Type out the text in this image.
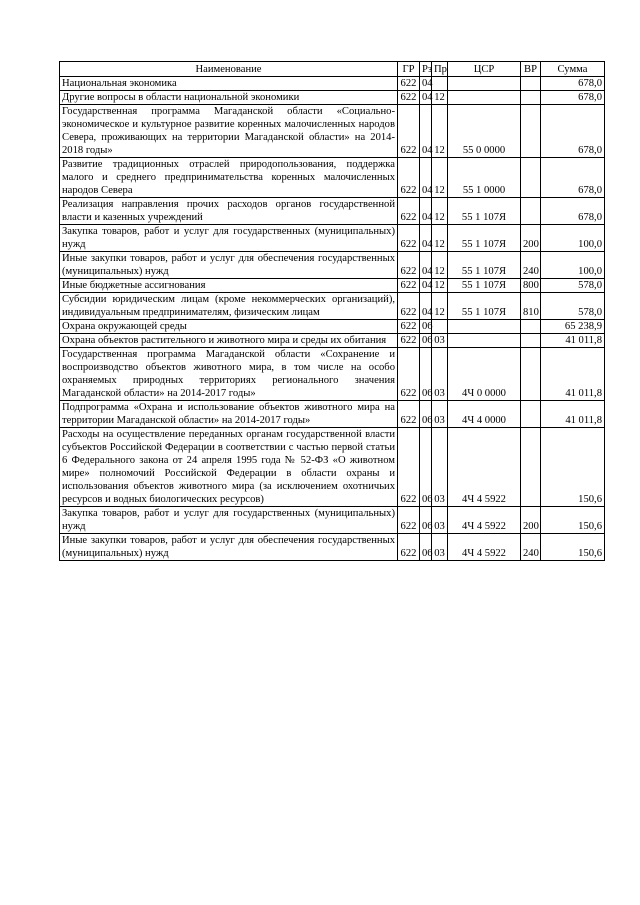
Наименование	ГР	Рз	Пр	ЦСР	ВР	Сумма
Национальная экономика	622	04				678,0
Другие вопросы в области национальной экономики	622	04	12			678,0
Государственная программа Магаданской области «Социально-экономическое и культурное развитие коренных малочисленных народов Севера, проживающих на территории Магаданской области» на 2014-2018 годы»	622	04	12	55 0 0000		678,0
Развитие традиционных отраслей природопользования, поддержка малого и среднего предпринимательства коренных малочисленных народов Севера	622	04	12	55 1 0000		678,0
Реализация направления прочих расходов органов государственной власти и казенных учреждений	622	04	12	55 1 107Я		678,0
Закупка товаров, работ и услуг для государственных (муниципальных) нужд	622	04	12	55 1 107Я	200	100,0
Иные закупки товаров, работ и услуг для обеспечения государственных (муниципальных) нужд	622	04	12	55 1 107Я	240	100,0
Иные бюджетные ассигнования	622	04	12	55 1 107Я	800	578,0
Субсидии юридическим лицам (кроме некоммерческих организаций), индивидуальным предпринимателям, физическим лицам	622	04	12	55 1 107Я	810	578,0
Охрана окружающей среды	622	06				65 238,9
Охрана объектов растительного и животного мира и среды их обитания	622	06	03			41 011,8
Государственная программа Магаданской области «Сохранение и воспроизводство объектов животного мира, в том числе на особо охраняемых природных территориях регионального значения Магаданской области» на 2014-2017 годы»	622	06	03	4Ч 0 0000		41 011,8
Подпрограмма «Охрана и использование объектов животного мира на территории Магаданской области» на 2014-2017 годы»	622	06	03	4Ч 4 0000		41 011,8
Расходы на осуществление переданных органам государственной власти субъектов Российской Федерации в соответствии с частью первой статьи 6 Федерального закона от 24 апреля 1995 года № 52-ФЗ «О животном мире» полномочий Российской Федерации в области охраны и использования объектов животного мира (за исключением охотничьих ресурсов и водных биологических ресурсов)	622	06	03	4Ч 4 5922		150,6
Закупка товаров, работ и услуг для государственных (муниципальных) нужд	622	06	03	4Ч 4 5922	200	150,6
Иные закупки товаров, работ и услуг для обеспечения государственных (муниципальных) нужд	622	06	03	4Ч 4 5922	240	150,6
